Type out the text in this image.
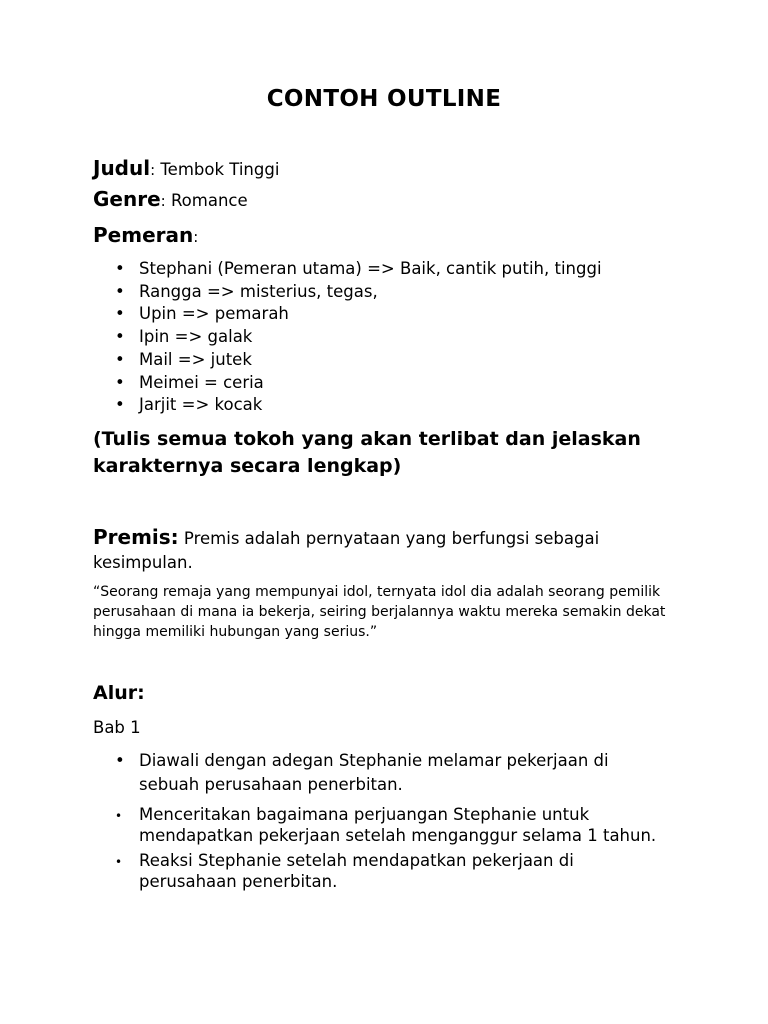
CONTOH OUTLINE
Judul: Tembok Tinggi
Genre: Romance
Pemeran:
• Stephani (Pemeran utama) => Baik, cantik putih, tinggi
• Rangga => misterius, tegas,
• Upin => pemarah
• Ipin => galak
• Mail => jutek
• Meimei = ceria
• Jarjit => kocak
(Tulis semua tokoh yang akan terlibat dan jelaskan karakternya secara lengkap)
Premis: Premis adalah pernyataan yang berfungsi sebagai kesimpulan.
“Seorang remaja yang mempunyai idol, ternyata idol dia adalah seorang pemilik perusahaan di mana ia bekerja, seiring berjalannya waktu mereka semakin dekat hingga memiliki hubungan yang serius.”
Alur:
Bab 1
• Diawali dengan adegan Stephanie melamar pekerjaan di sebuah perusahaan penerbitan.
• Menceritakan bagaimana perjuangan Stephanie untuk mendapatkan pekerjaan setelah menganggur selama 1 tahun.
• Reaksi Stephanie setelah mendapatkan pekerjaan di perusahaan penerbitan.
